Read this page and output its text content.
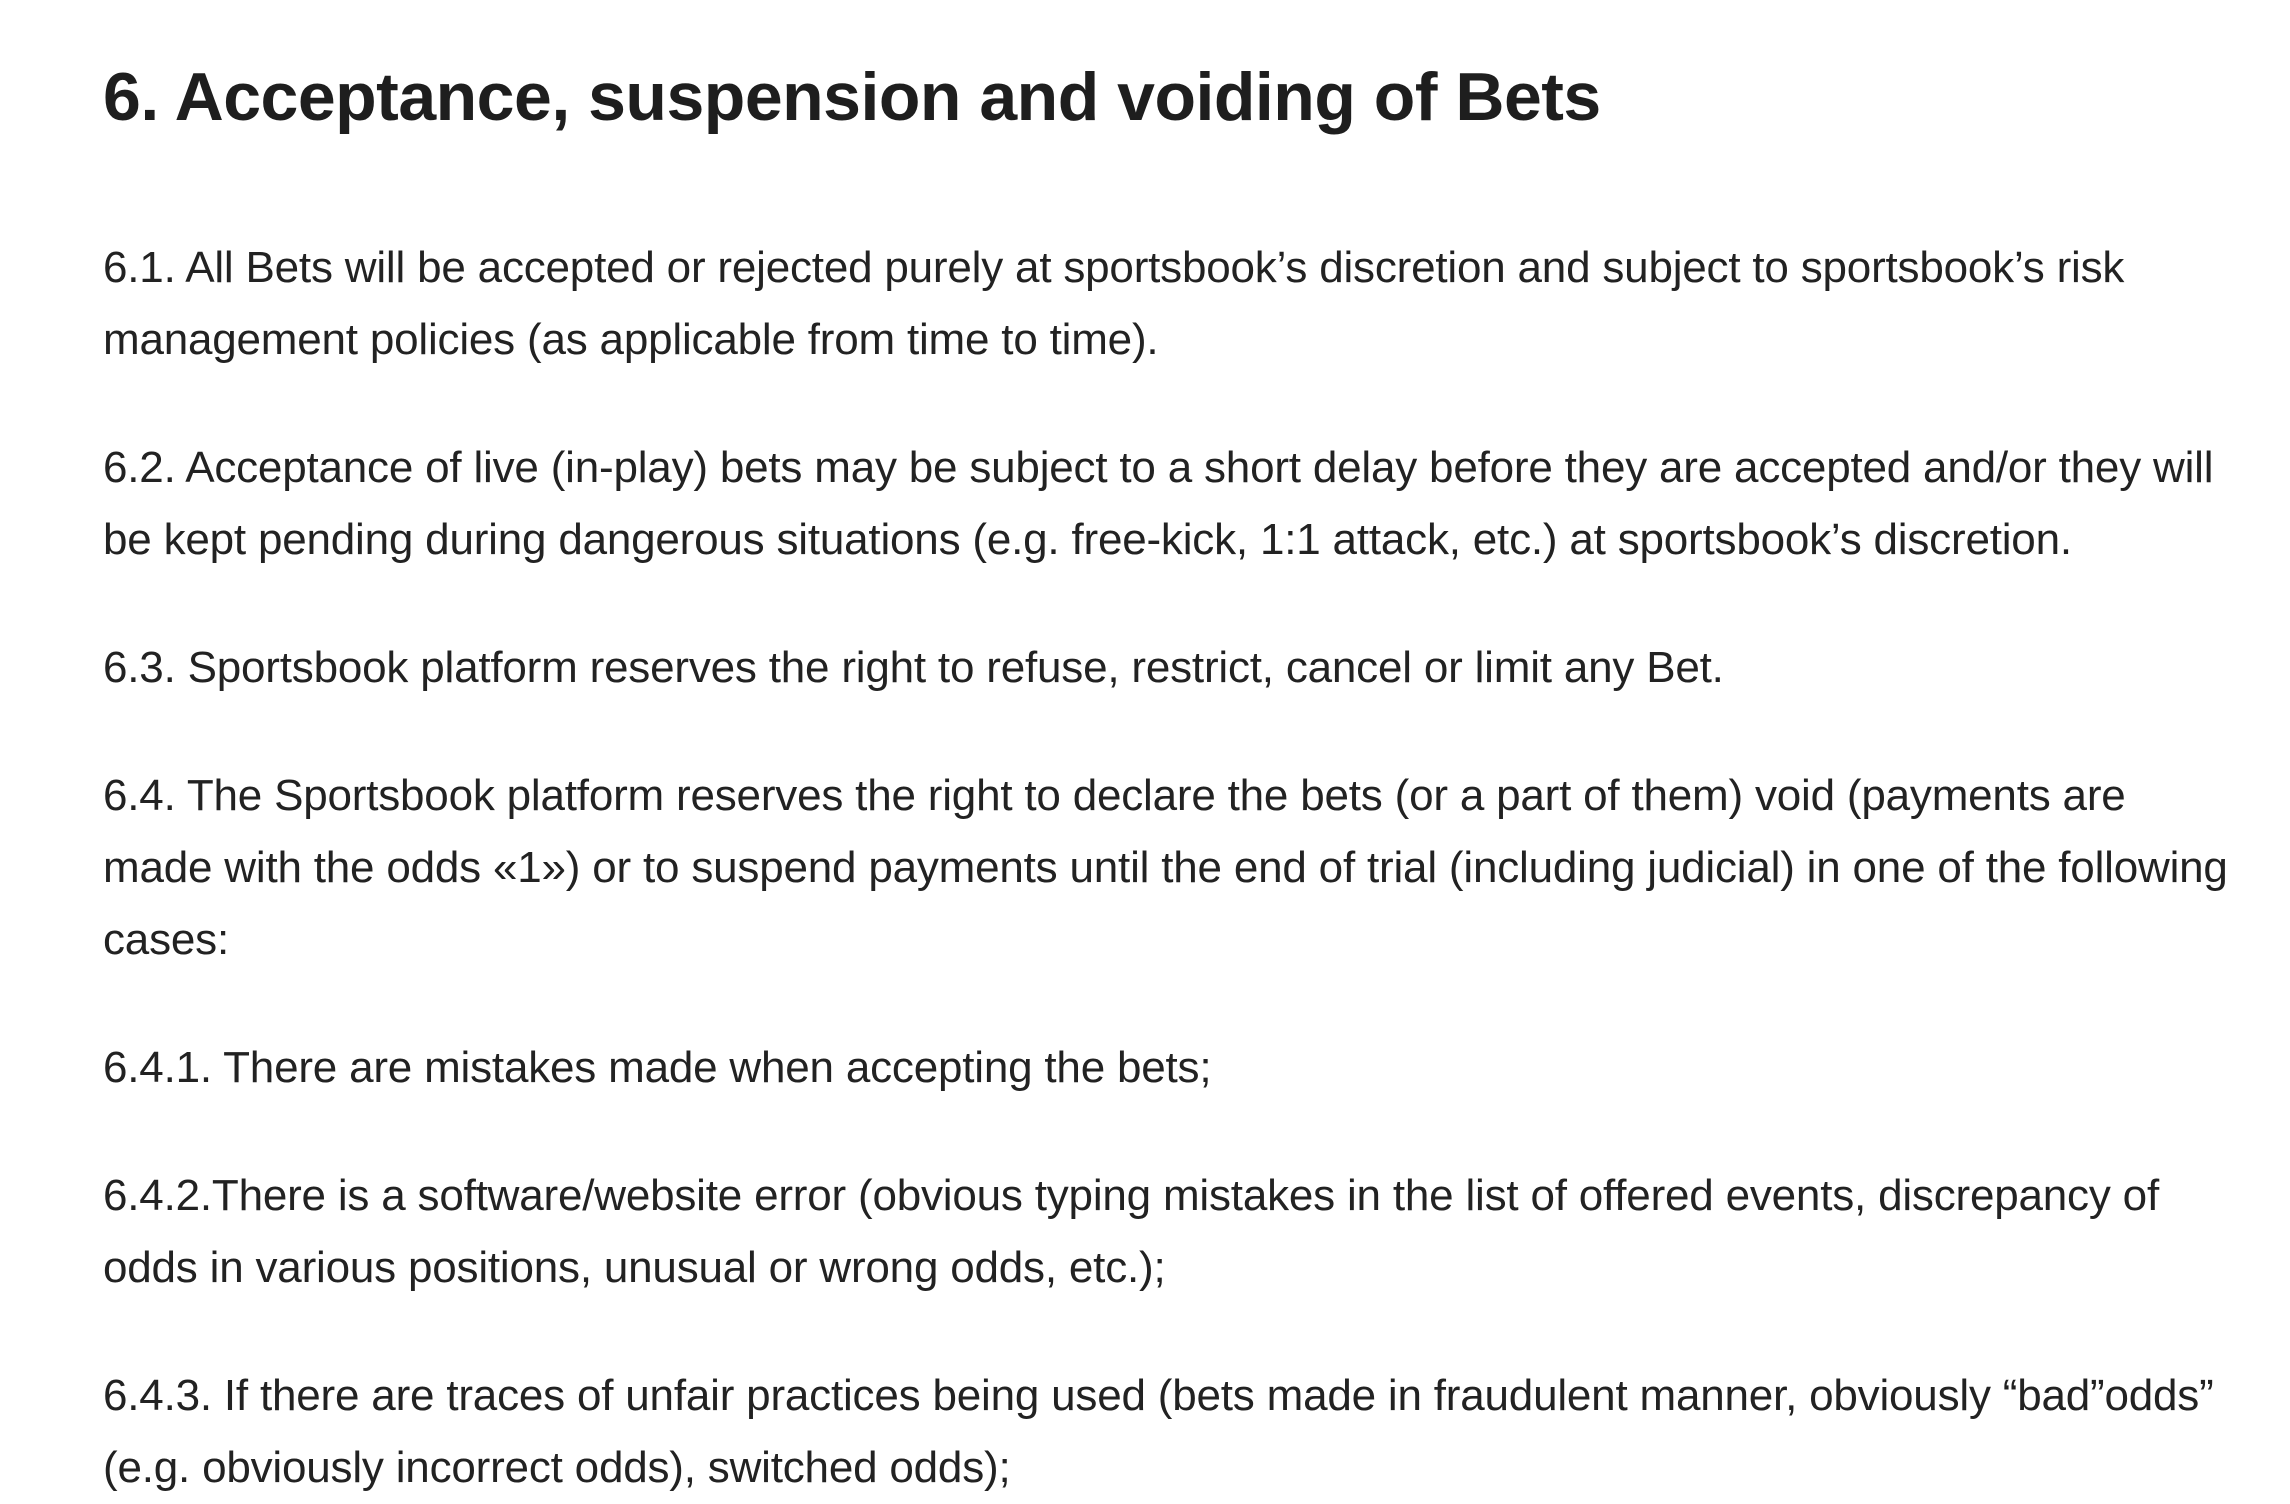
6. Acceptance, suspension and voiding of Bets

6.1. All Bets will be accepted or rejected purely at sportsbook’s discretion and subject to sportsbook’s risk management policies (as applicable from time to time).

6.2. Acceptance of live (in-play) bets may be subject to a short delay before they are accepted and/or they will be kept pending during dangerous situations (e.g. free-kick, 1:1 attack, etc.) at sportsbook’s discretion.

6.3. Sportsbook platform reserves the right to refuse, restrict, cancel or limit any Bet.

6.4. The Sportsbook platform reserves the right to declare the bets (or a part of them) void (payments are made with the odds «1») or to suspend payments until the end of trial (including judicial) in one of the following cases:

6.4.1. There are mistakes made when accepting the bets;

6.4.2.There is a software/website error (obvious typing mistakes in the list of offered events, discrepancy of odds in various positions, unusual or wrong odds, etc.);

6.4.3. If there are traces of unfair practices being used (bets made in fraudulent manner, obviously “bad”odds” (e.g. obviously incorrect odds), switched odds);
